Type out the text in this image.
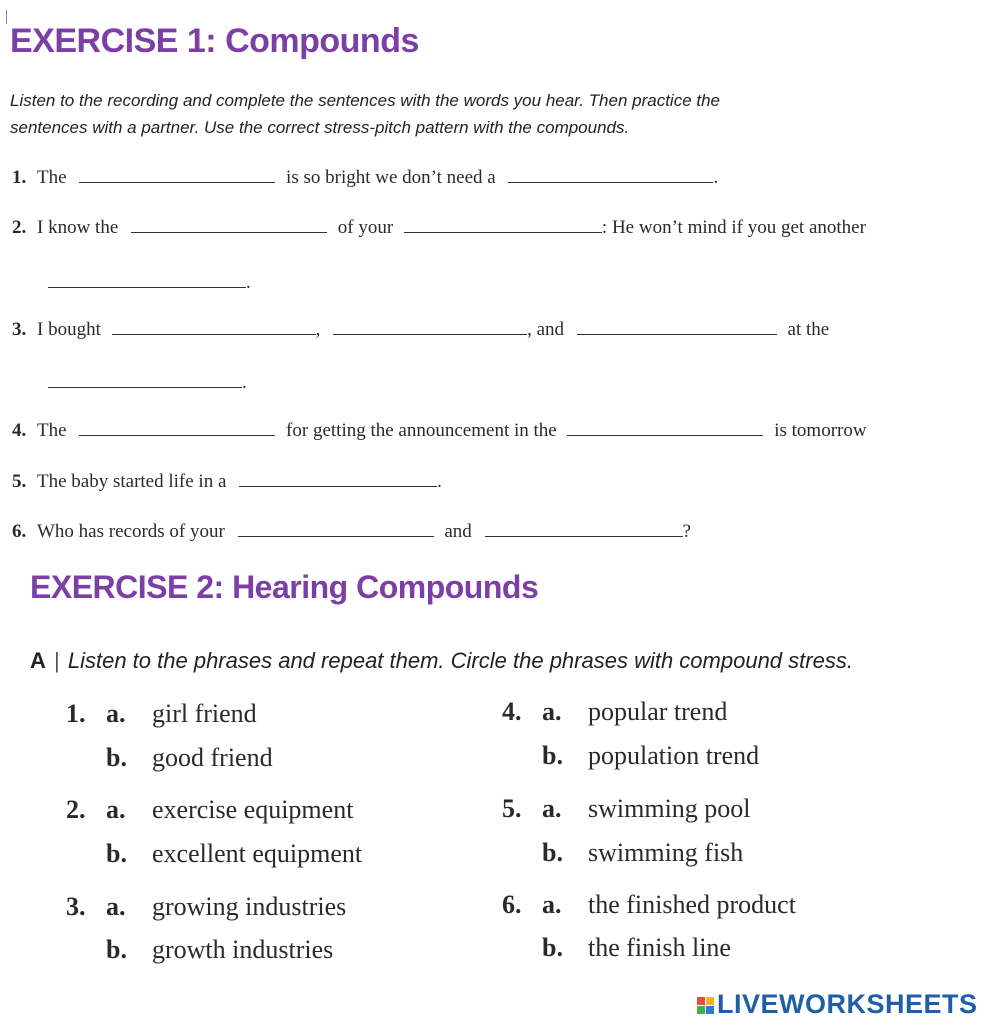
EXERCISE 1: Compounds
Listen to the recording and complete the sentences with the words you hear. Then practice the
sentences with a partner. Use the correct stress-pitch pattern with the compounds.
1. The	is so bright we don’t need a	.
2. I know the	of your	: He won’t mind if you get another
.
3. I bought	,	, and	at the
.
4. The	for getting the announcement in the	is tomorrow
5. The baby started life in a	.
6. Who has records of your	and	?
EXERCISE 2: Hearing Compounds
A | Listen to the phrases and repeat them. Circle the phrases with compound stress.
1. a. girl friend
b. good friend
2. a. exercise equipment
b. excellent equipment
3. a. growing industries
b. growth industries
4. a. popular trend
b. population trend
5. a. swimming pool
b. swimming fish
6. a. the finished product
b. the finish line
LIVEWORKSHEETS
